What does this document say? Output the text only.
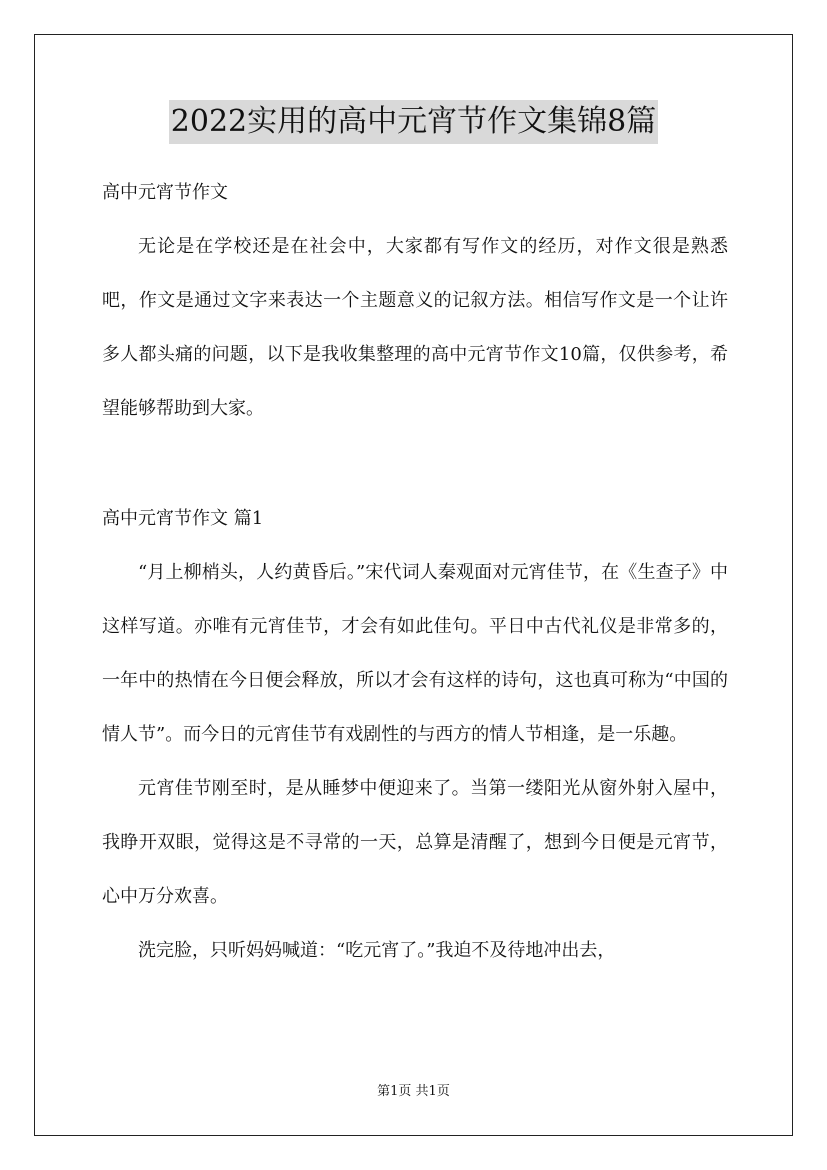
2022实用的高中元宵节作文集锦8篇
高中元宵节作文

无论是在学校还是在社会中，大家都有写作文的经历，对作文很是熟悉吧，作文是通过文字来表达一个主题意义的记叙方法。相信写作文是一个让许多人都头痛的问题，以下是我收集整理的高中元宵节作文10篇，仅供参考，希望能够帮助到大家。

高中元宵节作文 篇1

“月上柳梢头，人约黄昏后。”宋代词人秦观面对元宵佳节，在《生查子》中这样写道。亦唯有元宵佳节，才会有如此佳句。平日中古代礼仪是非常多的，一年中的热情在今日便会释放，所以才会有这样的诗句，这也真可称为“中国的情人节”。而今日的元宵佳节有戏剧性的与西方的情人节相逢，是一乐趣。

元宵佳节刚至时，是从睡梦中便迎来了。当第一缕阳光从窗外射入屋中，我睁开双眼，觉得这是不寻常的一天，总算是清醒了，想到今日便是元宵节，心中万分欢喜。

洗完脸，只听妈妈喊道：“吃元宵了。”我迫不及待地冲出去，

第1页 共1页
